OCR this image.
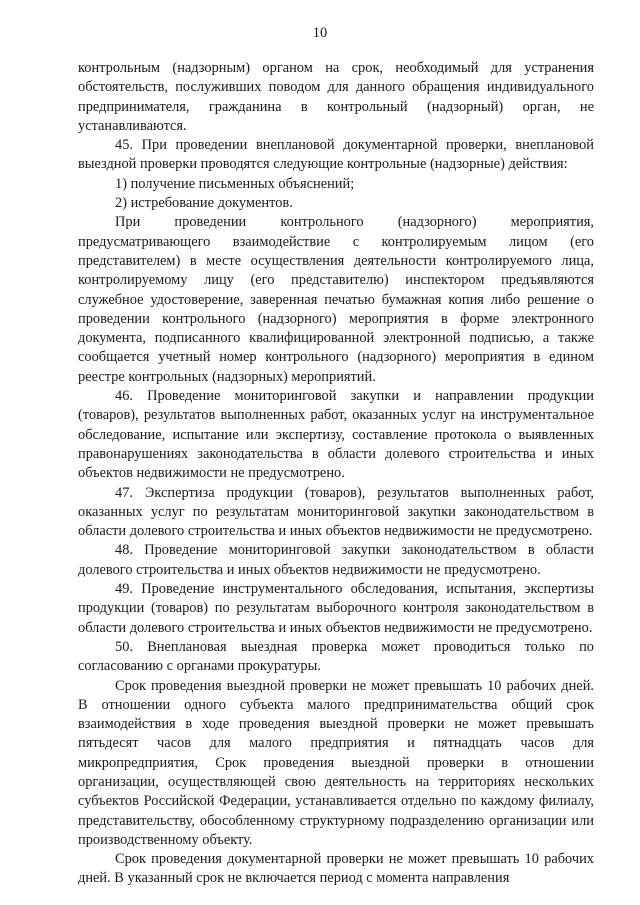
10

контрольным (надзорным) органом на срок, необходимый для устранения обстоятельств, послуживших поводом для данного обращения индивидуального предпринимателя, гражданина в контрольный (надзорный) орган, не устанавливаются.

45. При проведении внеплановой документарной проверки, внеплановой выездной проверки проводятся следующие контрольные (надзорные) действия:

1) получение письменных объяснений;

2) истребование документов.

При проведении контрольного (надзорного) мероприятия, предусматривающего взаимодействие с контролируемым лицом (его представителем) в месте осуществления деятельности контролируемого лица, контролируемому лицу (его представителю) инспектором предъявляются служебное удостоверение, заверенная печатью бумажная копия либо решение о проведении контрольного (надзорного) мероприятия в форме электронного документа, подписанного квалифицированной электронной подписью, а также сообщается учетный номер контрольного (надзорного) мероприятия в едином реестре контрольных (надзорных) мероприятий.

46. Проведение мониторинговой закупки и направлении продукции (товаров), результатов выполненных работ, оказанных услуг на инструментальное обследование, испытание или экспертизу, составление протокола о выявленных правонарушениях законодательства в области долевого строительства и иных объектов недвижимости не предусмотрено.

47. Экспертиза продукции (товаров), результатов выполненных работ, оказанных услуг по результатам мониторинговой закупки законодательством в области долевого строительства и иных объектов недвижимости не предусмотрено.

48. Проведение мониторинговой закупки законодательством в области долевого строительства и иных объектов недвижимости не предусмотрено.

49. Проведение инструментального обследования, испытания, экспертизы продукции (товаров) по результатам выборочного контроля законодательством в области долевого строительства и иных объектов недвижимости не предусмотрено.

50. Внеплановая выездная проверка может проводиться только по согласованию с органами прокуратуры.

Срок проведения выездной проверки не может превышать 10 рабочих дней. В отношении одного субъекта малого предпринимательства общий срок взаимодействия в ходе проведения выездной проверки не может превышать пятьдесят часов для малого предприятия и пятнадцать часов для микропредприятия, Срок проведения выездной проверки в отношении организации, осуществляющей свою деятельность на территориях нескольких субъектов Российской Федерации, устанавливается отдельно по каждому филиалу, представительству, обособленному структурному подразделению организации или производственному объекту.

Срок проведения документарной проверки не может превышать 10 рабочих дней. В указанный срок не включается период с момента направления
